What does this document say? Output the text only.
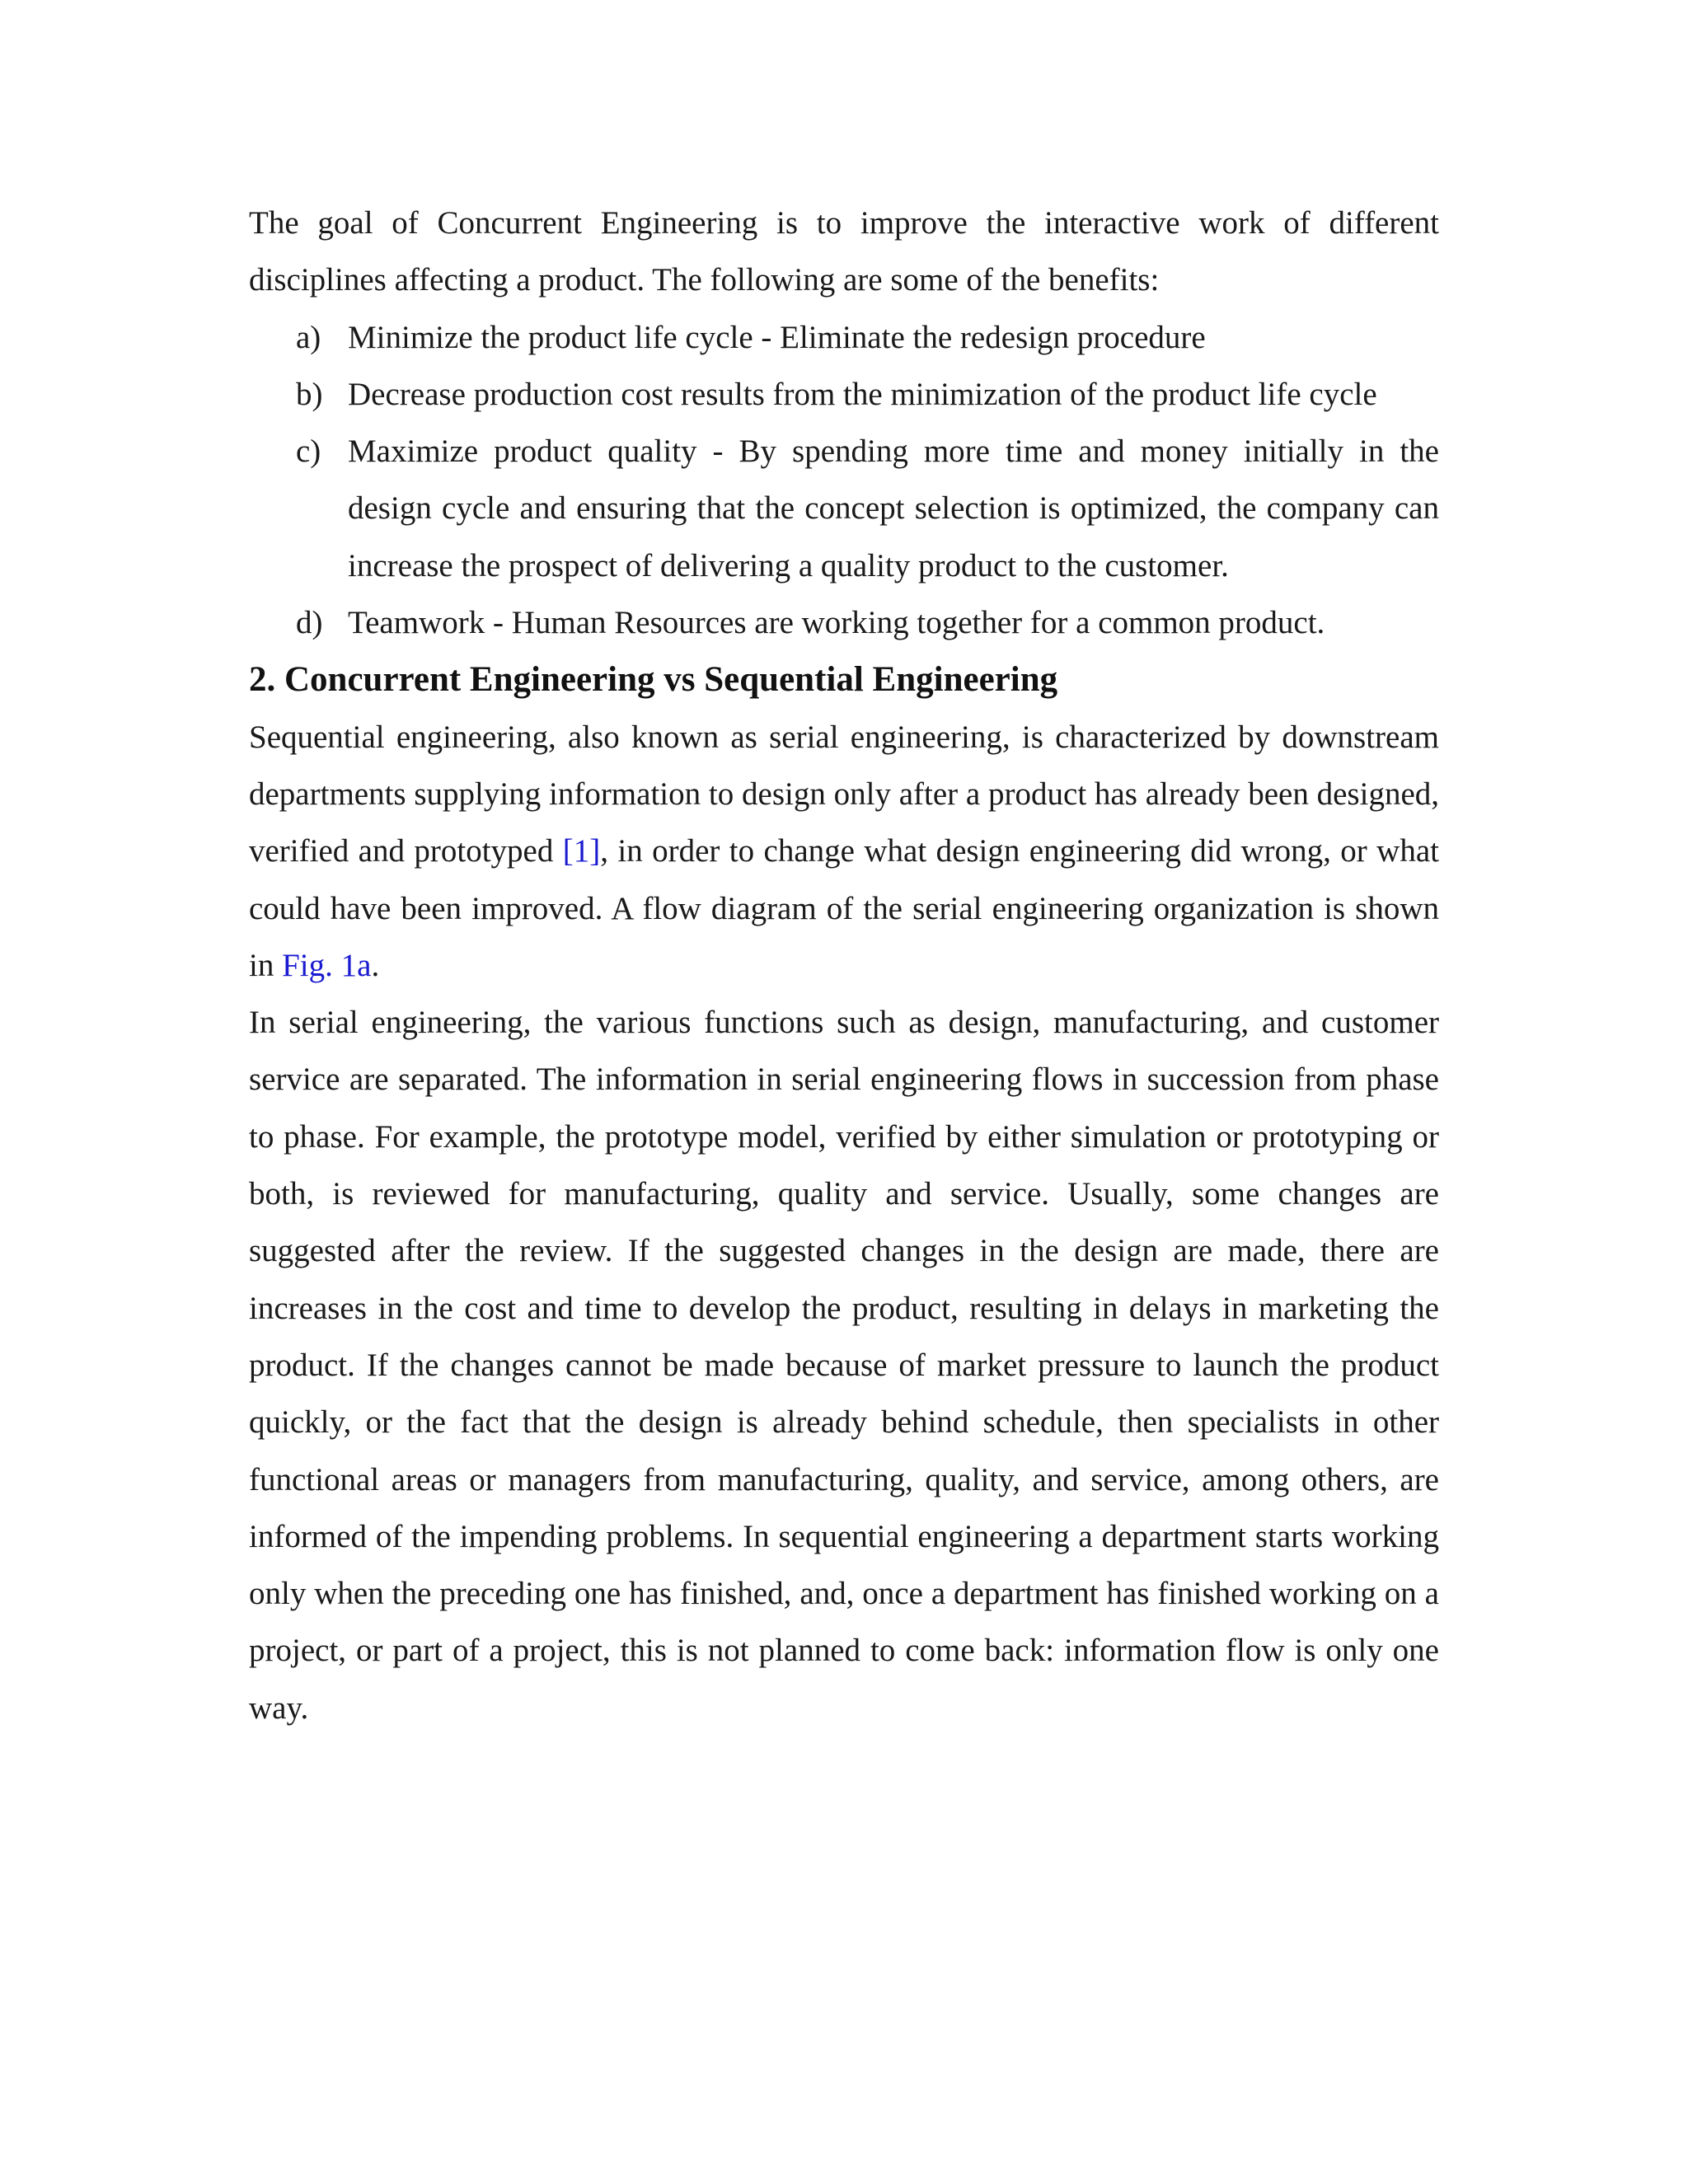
The goal of Concurrent Engineering is to improve the interactive work of different disciplines affecting a product. The following are some of the benefits:

a) Minimize the product life cycle - Eliminate the redesign procedure
b) Decrease production cost results from the minimization of the product life cycle
c) Maximize product quality - By spending more time and money initially in the design cycle and ensuring that the concept selection is optimized, the company can increase the prospect of delivering a quality product to the customer.
d) Teamwork - Human Resources are working together for a common product.
2. Concurrent Engineering vs Sequential Engineering

Sequential engineering, also known as serial engineering, is characterized by downstream departments supplying information to design only after a product has already been designed, verified and prototyped [1], in order to change what design engineering did wrong, or what could have been improved. A flow diagram of the serial engineering organization is shown in Fig. 1a.

In serial engineering, the various functions such as design, manufacturing, and customer service are separated. The information in serial engineering flows in succession from phase to phase. For example, the prototype model, verified by either simulation or prototyping or both, is reviewed for manufacturing, quality and service. Usually, some changes are suggested after the review. If the suggested changes in the design are made, there are increases in the cost and time to develop the product, resulting in delays in marketing the product. If the changes cannot be made because of market pressure to launch the product quickly, or the fact that the design is already behind schedule, then specialists in other functional areas or managers from manufacturing, quality, and service, among others, are informed of the impending problems. In sequential engineering a department starts working only when the preceding one has finished, and, once a department has finished working on a project, or part of a project, this is not planned to come back: information flow is only one way.
